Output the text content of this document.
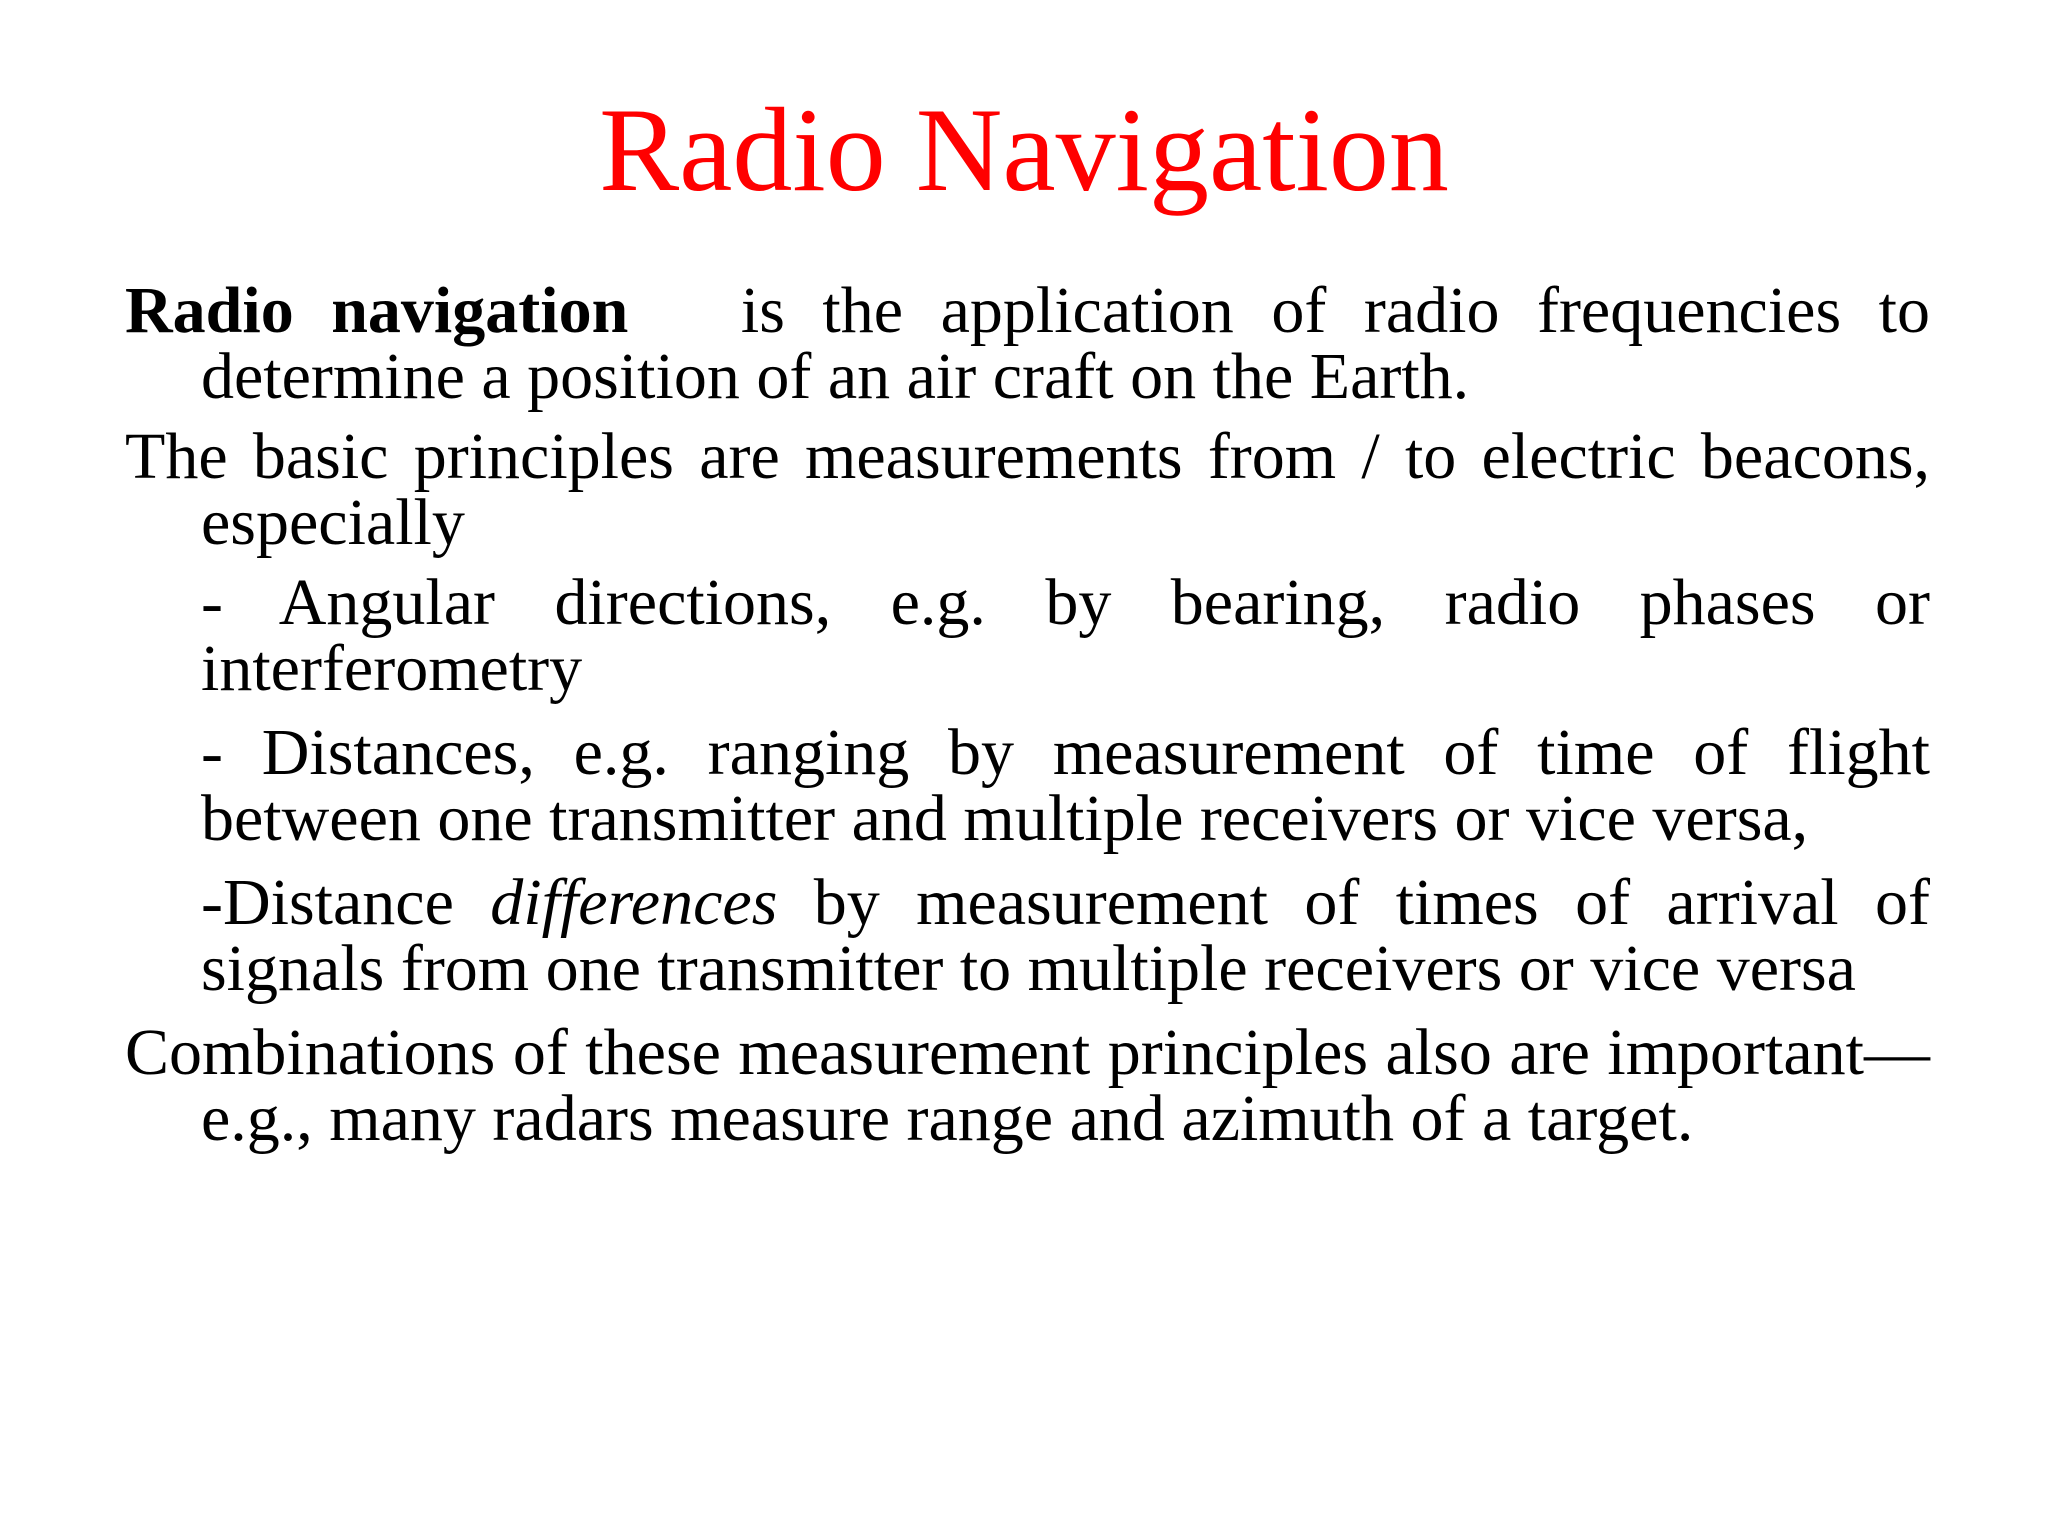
Radio Navigation

Radio navigation is the application of radio frequencies to determine a position of an air craft on the Earth.

The basic principles are measurements from / to electric beacons, especially

- Angular directions, e.g. by bearing, radio phases or interferometry

- Distances, e.g. ranging by measurement of time of flight between one transmitter and multiple receivers or vice versa,

-Distance differences by measurement of times of arrival of signals from one transmitter to multiple receivers or vice versa

Combinations of these measurement principles also are important—e.g., many radars measure range and azimuth of a target.
